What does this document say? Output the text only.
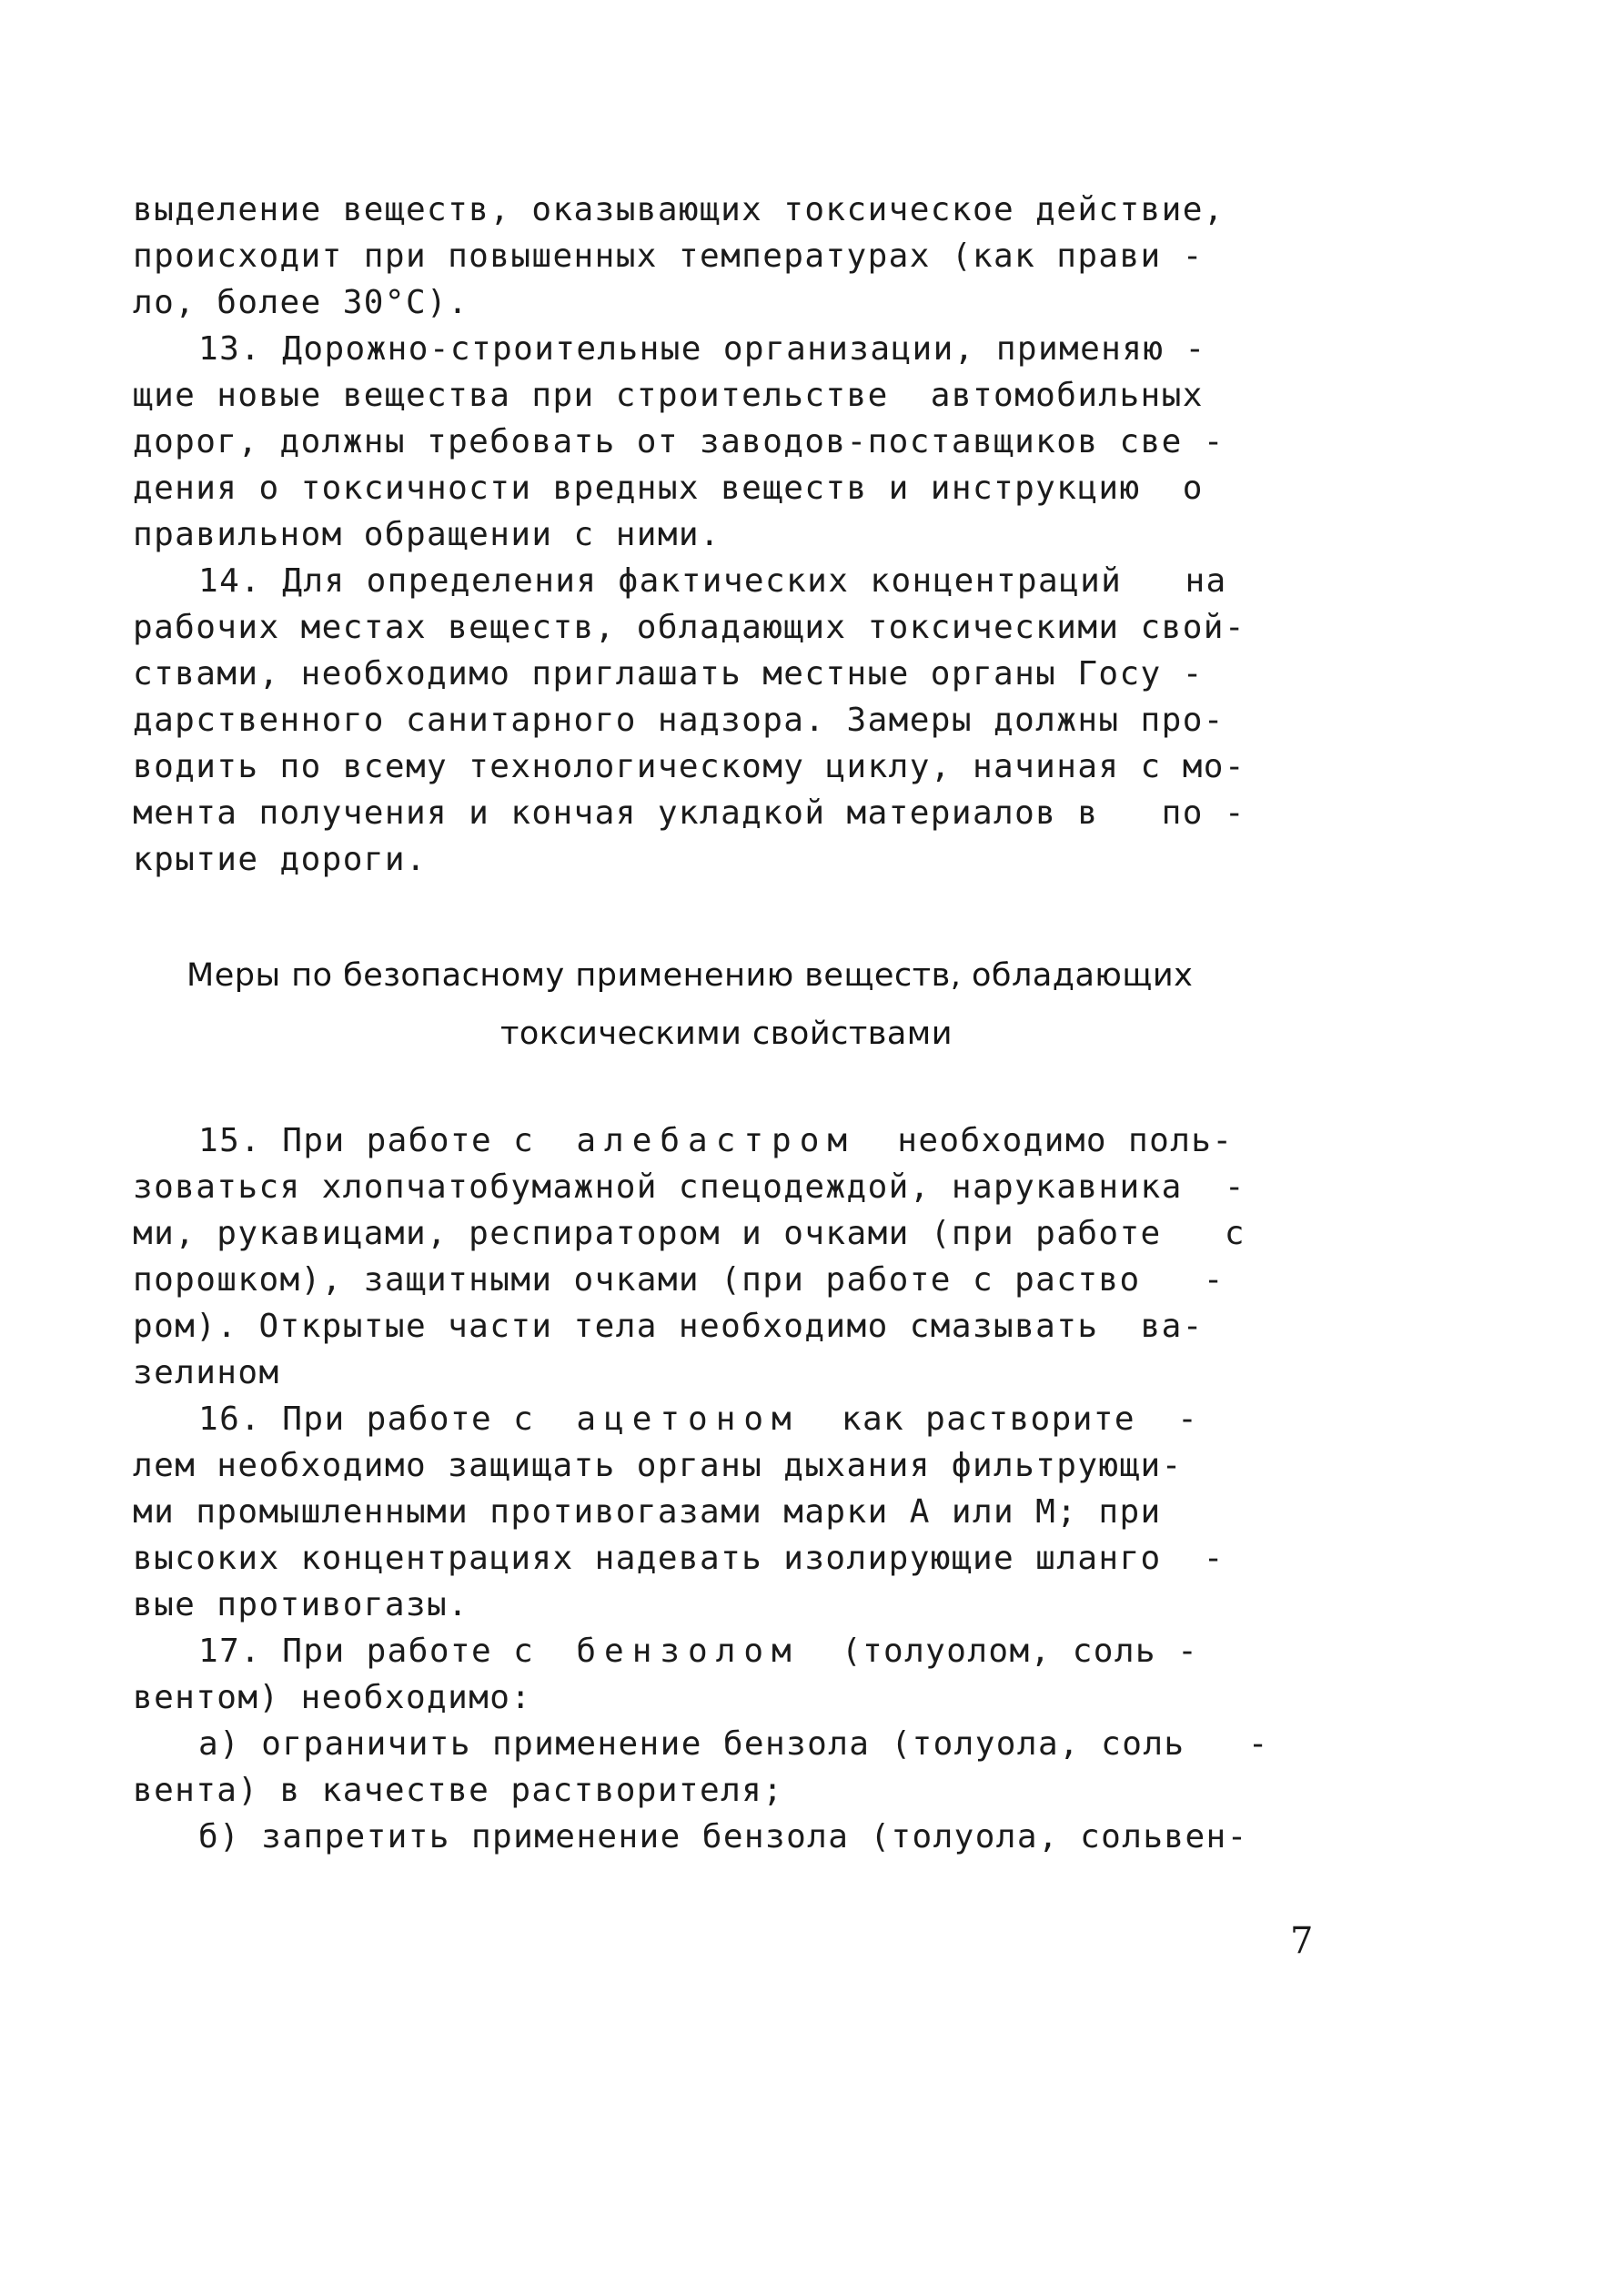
выделение веществ, оказывающих токсическое действие,
происходит при повышенных температурах (как прави -
ло, более 30°С).
13. Дорожно-строительные организации, применяю -
щие новые вещества при строительстве  автомобильных
дорог, должны требовать от заводов-поставщиков све -
дения о токсичности вредных веществ и инструкцию  о
правильном обращении с ними.
14. Для определения фактических концентраций   на
рабочих местах веществ, обладающих токсическими свой-
ствами, необходимо приглашать местные органы Госу -
дарственного санитарного надзора. Замеры должны про-
водить по всему технологическому циклу, начиная с мо-
мента получения и кончая укладкой материалов в   по -
крытие дороги.
Меры по безопасному применению веществ, обладающих
токсическими свойствами
15. При работе с  алебастром  необходимо поль-
зоваться хлопчатобумажной спецодеждой, нарукавника  -
ми, рукавицами, респиратором и очками (при работе   с
порошком), защитными очками (при работе с раство   -
ром). Открытые части тела необходимо смазывать  ва-
зелином
16. При работе с  ацетоном  как растворите  -
лем необходимо защищать органы дыхания фильтрующи-
ми промышленными противогазами марки А или М; при
высоких концентрациях надевать изолирующие шланго  -
вые противогазы.
17. При работе с  бензолом  (толуолом, соль -
вентом) необходимо:
а) ограничить применение бензола (толуола, соль   -
вента) в качестве растворителя;
б) запретить применение бензола (толуола, сольвен-
7
